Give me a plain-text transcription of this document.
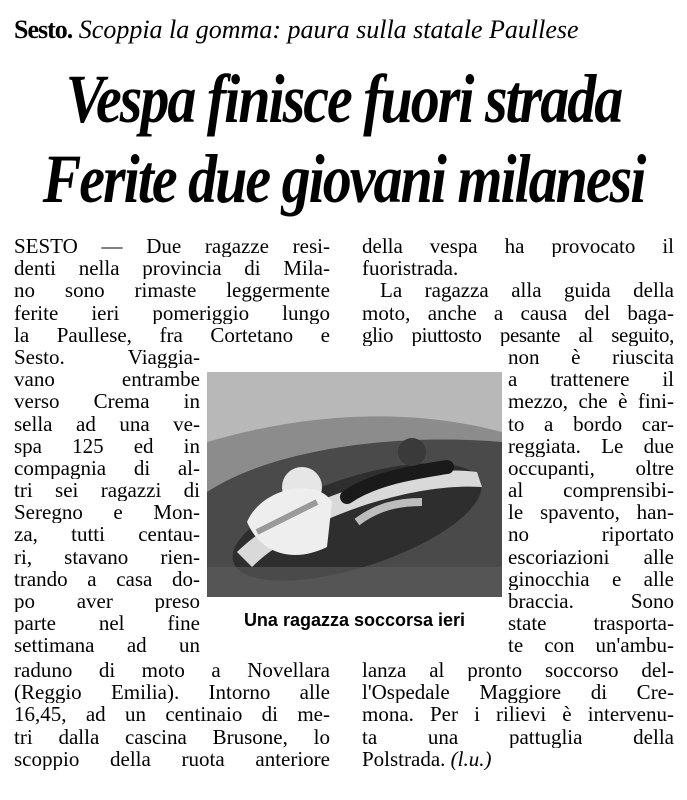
Sesto. Scoppia la gomma: paura sulla statale Paullese
Vespa finisce fuori strada
Ferite due giovani milanesi
SESTO — Due ragazze resi-
denti nella provincia di Mila-
no sono rimaste leggermente
ferite ieri pomeriggio lungo
la Paullese, fra Cortetano e
Sesto. Viaggia-
vano entrambe
verso Crema in
sella ad una ve-
spa 125 ed in
compagnia di al-
tri sei ragazzi di
Seregno e Mon-
za, tutti centau-
ri, stavano rien-
trando a casa do-
po aver preso
parte nel fine
settimana ad un
della vespa ha provocato il
fuoristrada.
La ragazza alla guida della
moto, anche a causa del baga-
glio piuttosto pesante al seguito,
non è riuscita
a trattenere il
mezzo, che è fini-
to a bordo car-
reggiata. Le due
occupanti, oltre
al comprensibi-
le spavento, han-
no riportato
escoriazioni alle
ginocchia e alle
braccia. Sono
state trasporta-
te con un'ambu-
Una ragazza soccorsa ieri
raduno di moto a Novellara
(Reggio Emilia). Intorno alle
16,45, ad un centinaio di me-
tri dalla cascina Brusone, lo
scoppio della ruota anteriore
lanza al pronto soccorso del-
l'Ospedale Maggiore di Cre-
mona. Per i rilievi è intervenu-
ta una pattuglia della
Polstrada. (l.u.)
